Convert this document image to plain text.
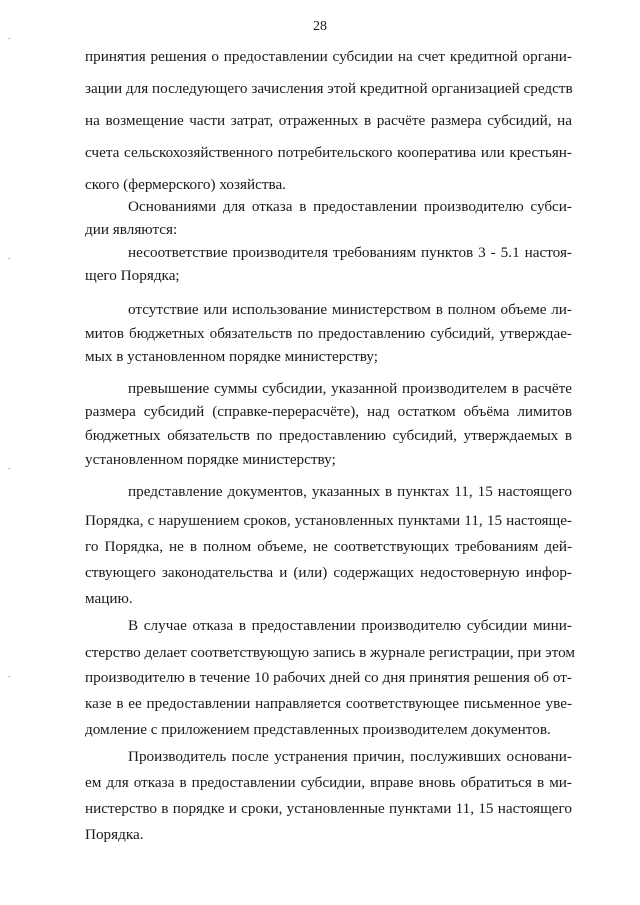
28
принятия решения о предоставлении субсидии на счет кредитной органи-
зации для последующего зачисления этой кредитной организацией средств
на возмещение части затрат, отраженных в расчёте размера субсидий, на
счета сельскохозяйственного потребительского кооператива или крестьян-
ского (фермерского) хозяйства.
Основаниями для отказа в предоставлении производителю субси-
дии являются:
несоответствие производителя требованиям пунктов 3 - 5.1 настоя-
щего Порядка;
отсутствие или использование министерством в полном объеме ли-
митов бюджетных обязательств по предоставлению субсидий, утверждае-
мых в установленном порядке министерству;
превышение суммы субсидии, указанной производителем в расчёте
размера субсидий (справке-перерасчёте), над остатком объёма лимитов
бюджетных обязательств по предоставлению субсидий, утверждаемых в
установленном порядке министерству;
представление документов, указанных в пунктах 11, 15 настоящего
Порядка, с нарушением сроков, установленных пунктами 11, 15 настояще-
го Порядка, не в полном объеме, не соответствующих требованиям дей-
ствующего законодательства и (или) содержащих недостоверную инфор-
мацию.
В случае отказа в предоставлении производителю субсидии мини-
стерство делает соответствующую запись в журнале регистрации, при этом
производителю в течение 10 рабочих дней со дня принятия решения об от-
казе в ее предоставлении направляется соответствующее письменное уве-
домление с приложением представленных производителем документов.
Производитель после устранения причин, послуживших основани-
ем для отказа в предоставлении субсидии, вправе вновь обратиться в ми-
нистерство в порядке и сроки, установленные пунктами 11, 15 настоящего
Порядка.
